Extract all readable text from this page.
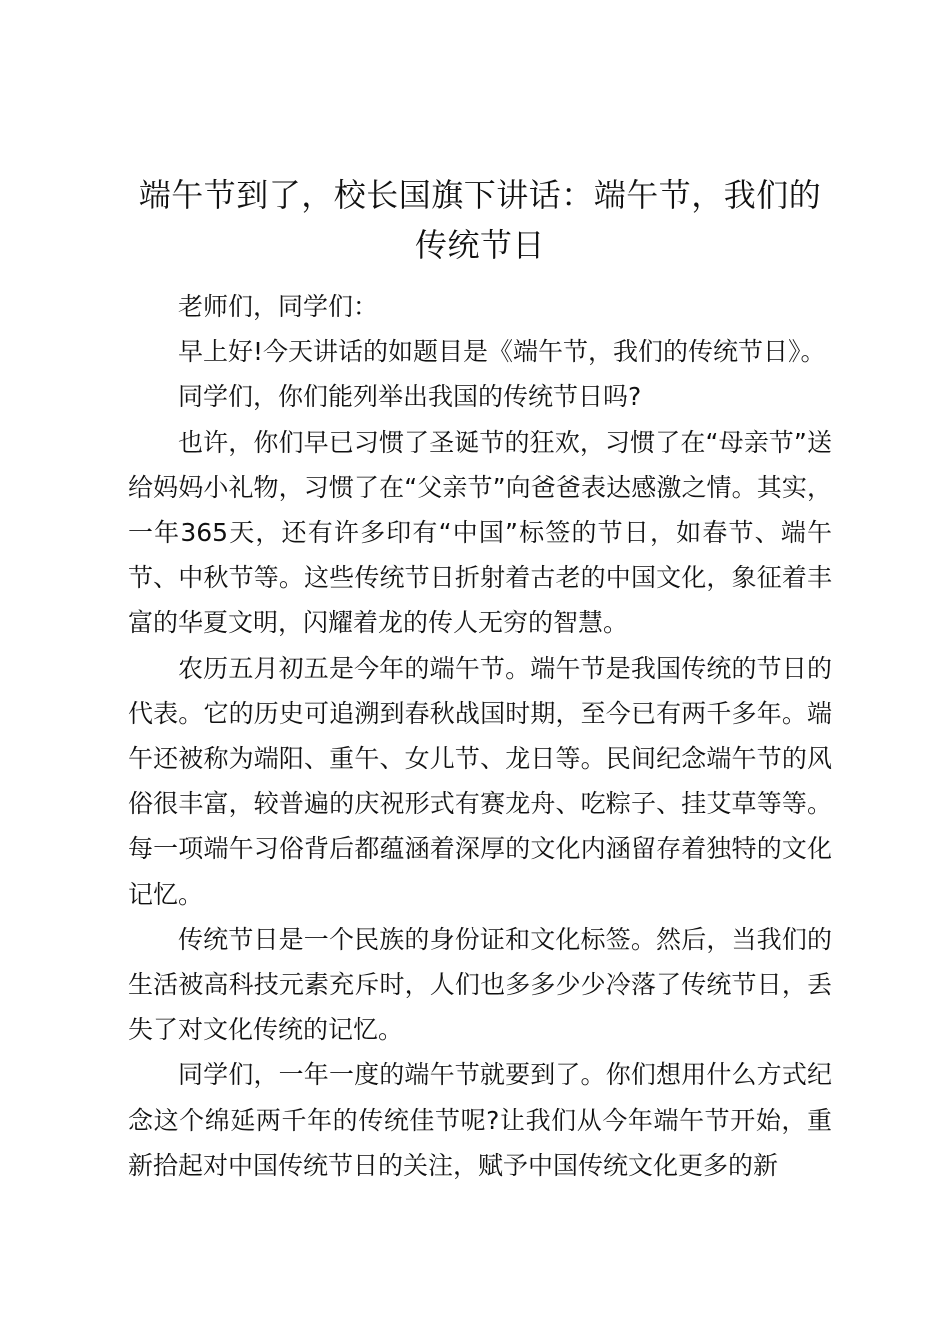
端午节到了，校长国旗下讲话：端午节，我们的传统节日

老师们，同学们：

早上好!今天讲话的如题目是《端午节，我们的传统节日》。

同学们，你们能列举出我国的传统节日吗?

也许，你们早已习惯了圣诞节的狂欢，习惯了在“母亲节”送给妈妈小礼物，习惯了在“父亲节”向爸爸表达感激之情。其实，一年365天，还有许多印有“中国”标签的节日，如春节、端午节、中秋节等。这些传统节日折射着古老的中国文化，象征着丰富的华夏文明，闪耀着龙的传人无穷的智慧。

农历五月初五是今年的端午节。端午节是我国传统的节日的代表。它的历史可追溯到春秋战国时期，至今已有两千多年。端午还被称为端阳、重午、女儿节、龙日等。民间纪念端午节的风俗很丰富，较普遍的庆祝形式有赛龙舟、吃粽子、挂艾草等等。每一项端午习俗背后都蕴涵着深厚的文化内涵留存着独特的文化记忆。

传统节日是一个民族的身份证和文化标签。然后，当我们的生活被高科技元素充斥时，人们也多多少少冷落了传统节日，丢失了对文化传统的记忆。

同学们，一年一度的端午节就要到了。你们想用什么方式纪念这个绵延两千年的传统佳节呢?让我们从今年端午节开始，重新拾起对中国传统节日的关注，赋予中国传统文化更多的新
